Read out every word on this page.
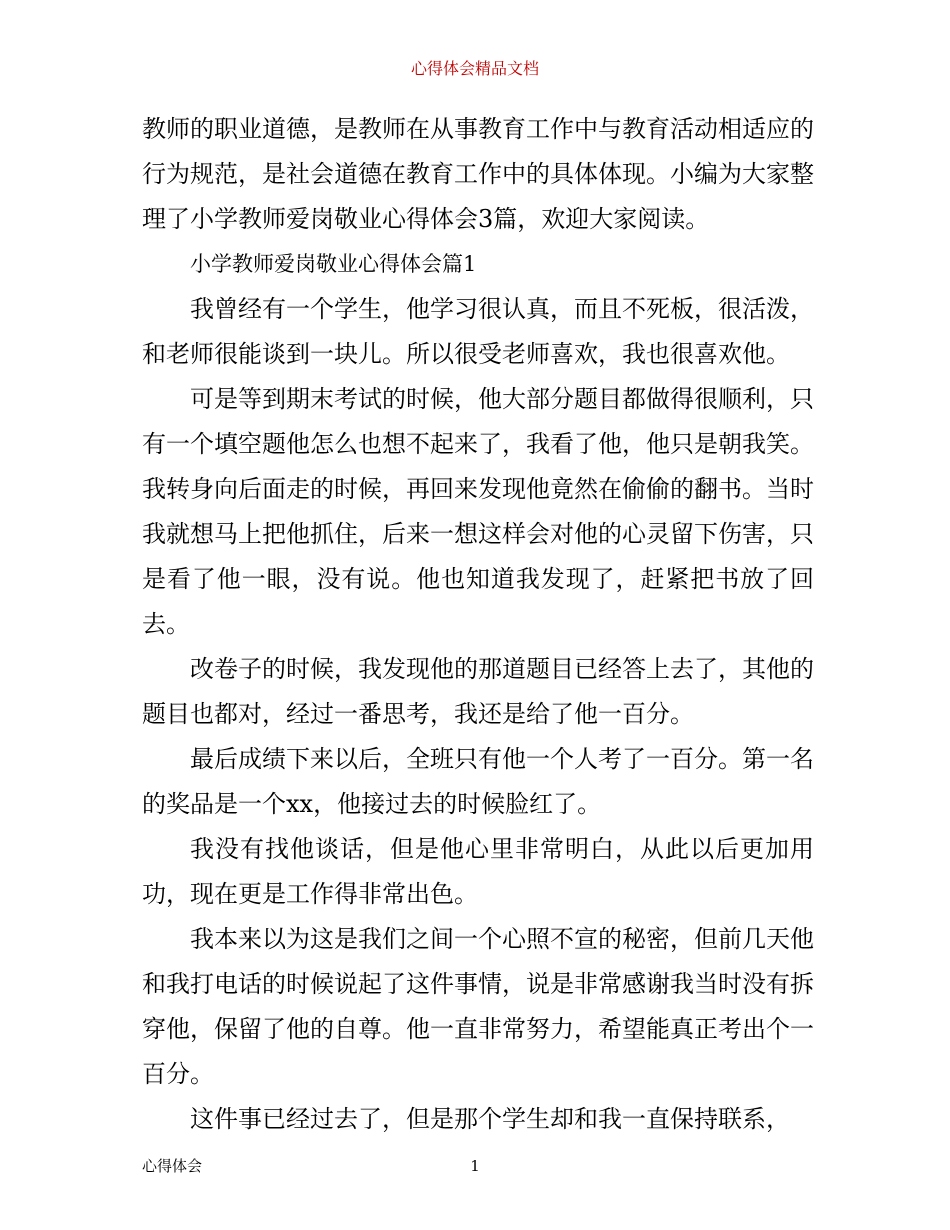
心得体会精品文档

教师的职业道德，是教师在从事教育工作中与教育活动相适应的行为规范，是社会道德在教育工作中的具体体现。小编为大家整理了小学教师爱岗敬业心得体会3篇，欢迎大家阅读。

小学教师爱岗敬业心得体会篇1

我曾经有一个学生，他学习很认真，而且不死板，很活泼，和老师很能谈到一块儿。所以很受老师喜欢，我也很喜欢他。

可是等到期末考试的时候，他大部分题目都做得很顺利，只有一个填空题他怎么也想不起来了，我看了他，他只是朝我笑。我转身向后面走的时候，再回来发现他竟然在偷偷的翻书。当时我就想马上把他抓住，后来一想这样会对他的心灵留下伤害，只是看了他一眼，没有说。他也知道我发现了，赶紧把书放了回去。

改卷子的时候，我发现他的那道题目已经答上去了，其他的题目也都对，经过一番思考，我还是给了他一百分。

最后成绩下来以后，全班只有他一个人考了一百分。第一名的奖品是一个xx，他接过去的时候脸红了。

我没有找他谈话，但是他心里非常明白，从此以后更加用功，现在更是工作得非常出色。

我本来以为这是我们之间一个心照不宣的秘密，但前几天他和我打电话的时候说起了这件事情，说是非常感谢我当时没有拆穿他，保留了他的自尊。他一直非常努力，希望能真正考出个一百分。

这件事已经过去了，但是那个学生却和我一直保持联系，

心得体会	1
